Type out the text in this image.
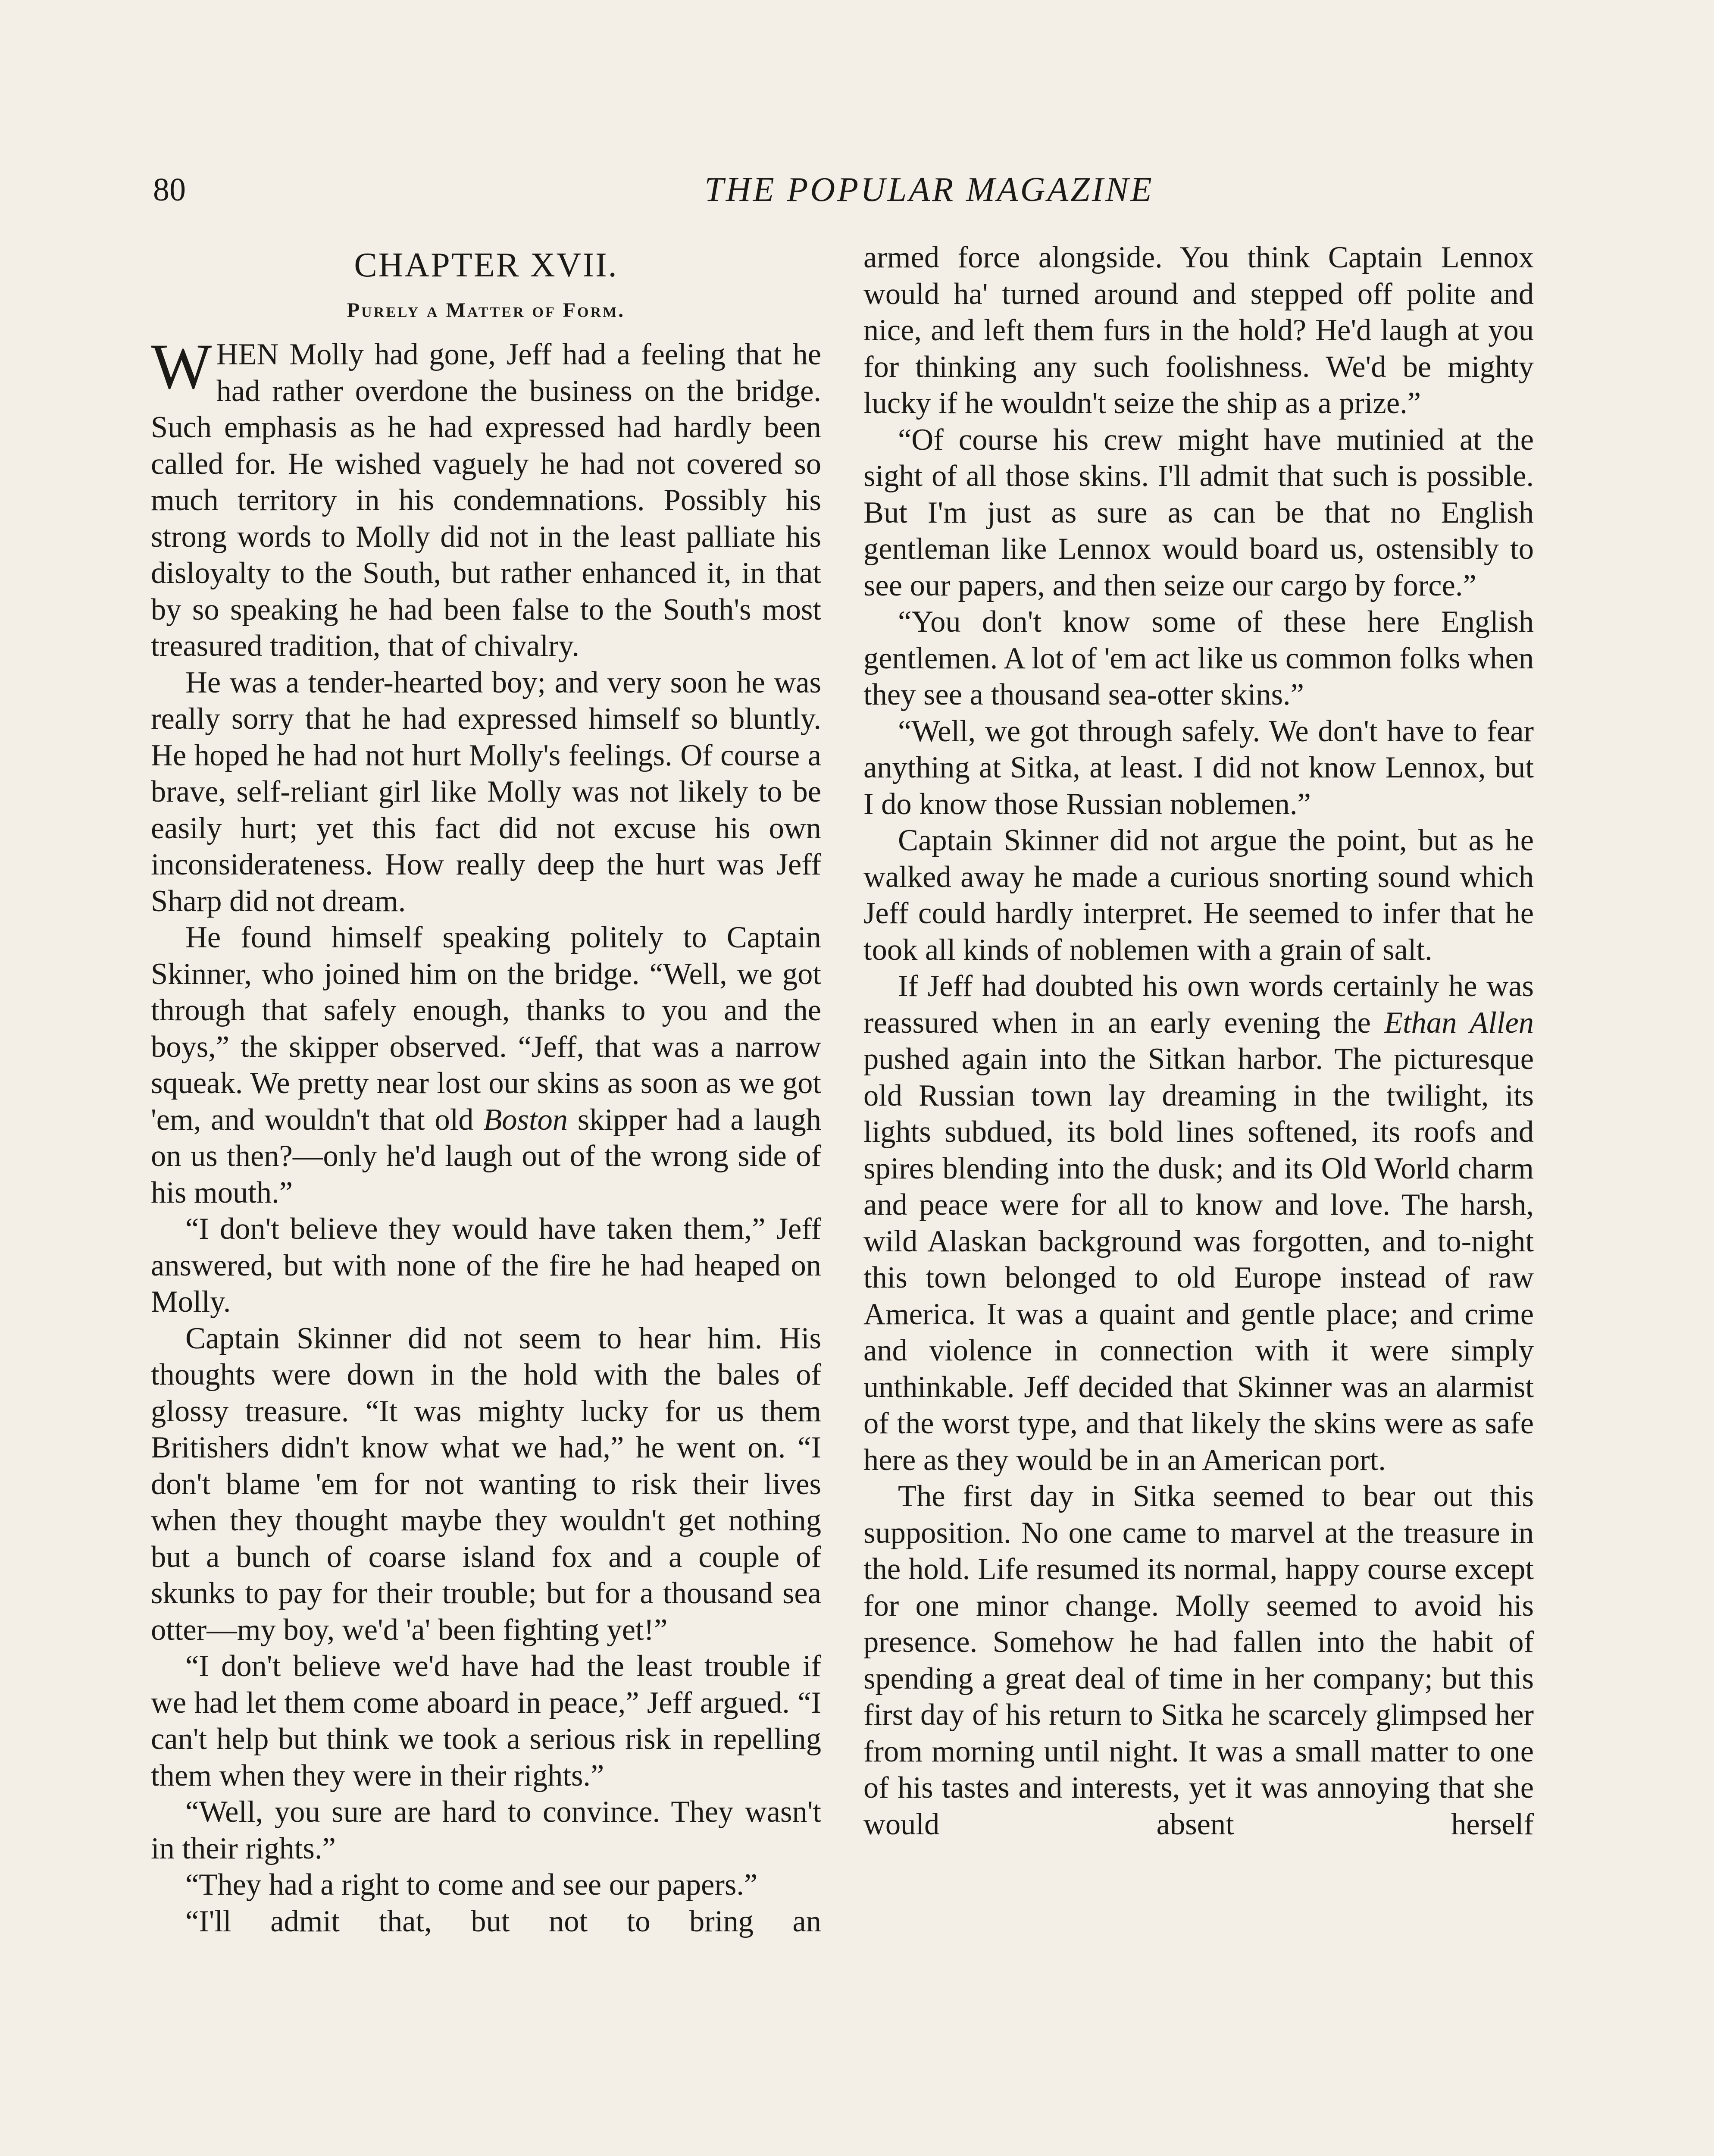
80	THE POPULAR MAGAZINE
CHAPTER XVII.
Purely a Matter of Form.

WHEN Molly had gone, Jeff had a feeling that he had rather overdone the business on the bridge. Such emphasis as he had expressed had hardly been called for. He wished vaguely he had not covered so much territory in his condemnations. Possibly his strong words to Molly did not in the least palliate his disloyalty to the South, but rather enhanced it, in that by so speaking he had been false to the South's most treasured tradition, that of chivalry.

He was a tender-hearted boy; and very soon he was really sorry that he had expressed himself so bluntly. He hoped he had not hurt Molly's feelings. Of course a brave, self-reliant girl like Molly was not likely to be easily hurt; yet this fact did not excuse his own inconsiderateness. How really deep the hurt was Jeff Sharp did not dream.

He found himself speaking politely to Captain Skinner, who joined him on the bridge. “Well, we got through that safely enough, thanks to you and the boys,” the skipper observed. “Jeff, that was a narrow squeak. We pretty near lost our skins as soon as we got 'em, and wouldn't that old Boston skipper had a laugh on us then?—only he'd laugh out of the wrong side of his mouth.”

“I don't believe they would have taken them,” Jeff answered, but with none of the fire he had heaped on Molly.

Captain Skinner did not seem to hear him. His thoughts were down in the hold with the bales of glossy treasure. “It was mighty lucky for us them Britishers didn't know what we had,” he went on. “I don't blame 'em for not wanting to risk their lives when they thought maybe they wouldn't get nothing but a bunch of coarse island fox and a couple of skunks to pay for their trouble; but for a thousand sea otter—my boy, we'd 'a' been fighting yet!”

“I don't believe we'd have had the least trouble if we had let them come aboard in peace,” Jeff argued. “I can't help but think we took a serious risk in repelling them when they were in their rights.”

“Well, you sure are hard to convince. They wasn't in their rights.”

“They had a right to come and see our papers.”

“I'll admit that, but not to bring an

armed force alongside. You think Captain Lennox would ha' turned around and stepped off polite and nice, and left them furs in the hold? He'd laugh at you for thinking any such foolishness. We'd be mighty lucky if he wouldn't seize the ship as a prize.”

“Of course his crew might have mutinied at the sight of all those skins. I'll admit that such is possible. But I'm just as sure as can be that no English gentleman like Lennox would board us, ostensibly to see our papers, and then seize our cargo by force.”

“You don't know some of these here English gentlemen. A lot of 'em act like us common folks when they see a thousand sea-otter skins.”

“Well, we got through safely. We don't have to fear anything at Sitka, at least. I did not know Lennox, but I do know those Russian noblemen.”

Captain Skinner did not argue the point, but as he walked away he made a curious snorting sound which Jeff could hardly interpret. He seemed to infer that he took all kinds of noblemen with a grain of salt.

If Jeff had doubted his own words certainly he was reassured when in an early evening the Ethan Allen pushed again into the Sitkan harbor. The picturesque old Russian town lay dreaming in the twilight, its lights subdued, its bold lines softened, its roofs and spires blending into the dusk; and its Old World charm and peace were for all to know and love. The harsh, wild Alaskan background was forgotten, and to-night this town belonged to old Europe instead of raw America. It was a quaint and gentle place; and crime and violence in connection with it were simply unthinkable. Jeff decided that Skinner was an alarmist of the worst type, and that likely the skins were as safe here as they would be in an American port.

The first day in Sitka seemed to bear out this supposition. No one came to marvel at the treasure in the hold. Life resumed its normal, happy course except for one minor change. Molly seemed to avoid his presence. Somehow he had fallen into the habit of spending a great deal of time in her company; but this first day of his return to Sitka he scarcely glimpsed her from morning until night. It was a small matter to one of his tastes and interests, yet it was annoying that she would absent herself
